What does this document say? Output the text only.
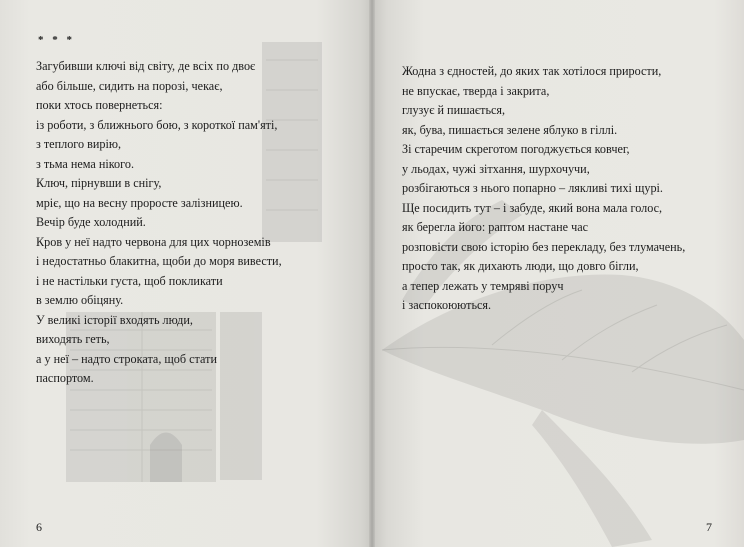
* * *
Загубивши ключі від світу, де всіх по двоє
або більше, сидить на порозі, чекає,
поки хтось повернеться:
із роботи, з ближнього бою, з короткої пам'яті,
з теплого вирію,
з тьма нема нікого.
Ключ, пірнувши в снігу,
мріє, що на весну проросте залізницею.
Вечір буде холодний.
Кров у неї надто червона для цих чорноземів
і недостатньо блакитна, щоби до моря вивести,
і не настільки густа, щоб покликати
в землю обіцяну.
У великі історії входять люди,
виходять геть,
а у неї – надто строката, щоб стати
паспортом.
6
Жодна з єдностей, до яких так хотілося прирости,
не впускає, тверда і закрита,
глузує й пишається,
як, бува, пишається зелене яблуко в гіллі.
Зі старечим скреготом погоджується ковчег,
у льодах, чужі зітхання, шурхочучи,
розбігаються з нього попарно – лякливі тихі щурі.
Ще посидить тут – і забуде, який вона мала голос,
як берегла його: раптом настане час
розповісти свою історію без перекладу, без тлумачень,
просто так, як дихають люди, що довго бігли,
а тепер лежать у темряві поруч
і заспокоюються.
7
